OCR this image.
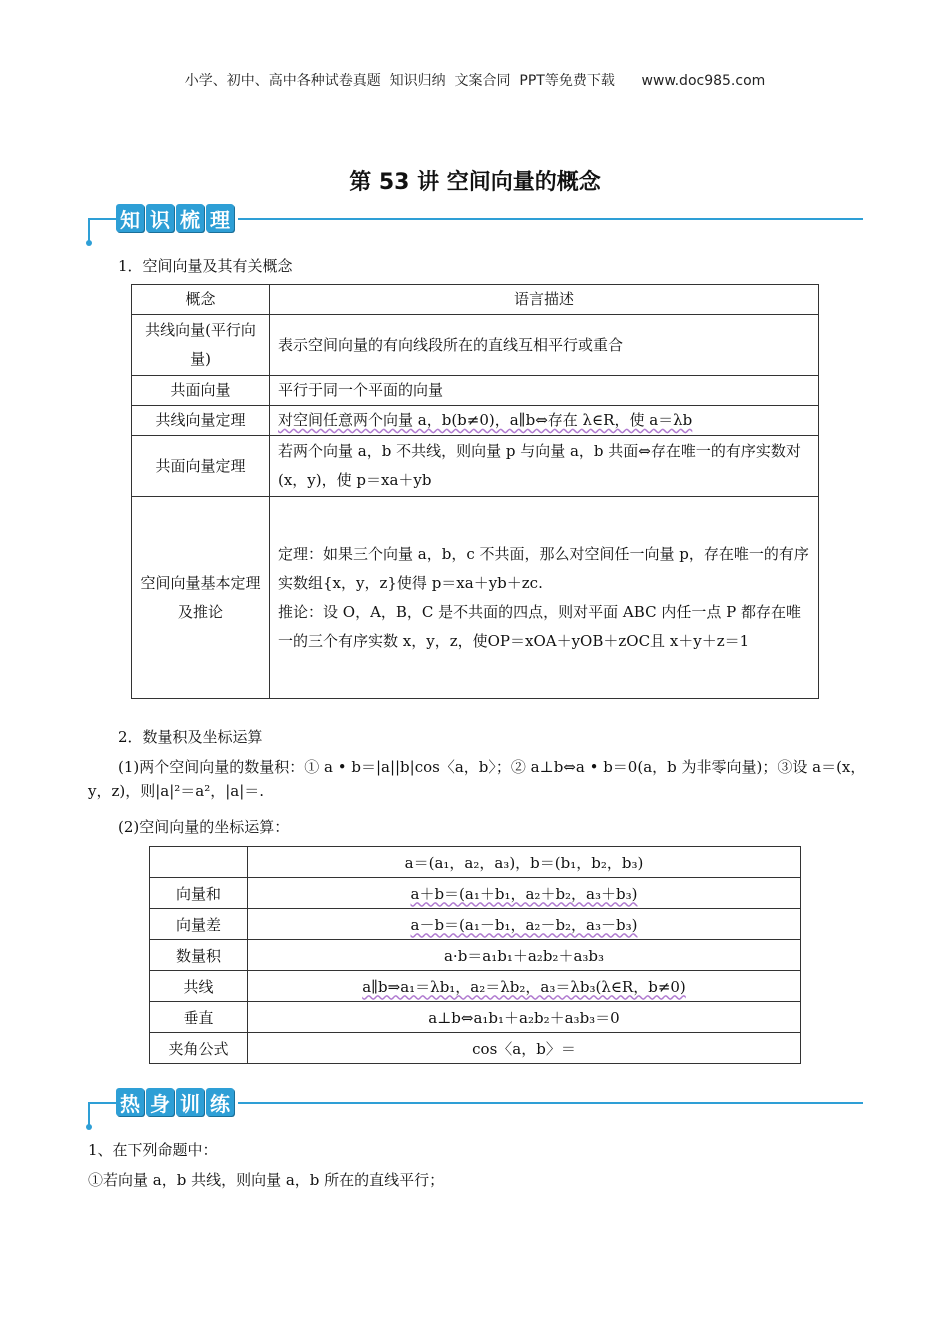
小学、初中、高中各种试卷真题  知识归纳  文案合同  PPT等免费下载      www.doc985.com
第 53 讲 空间向量的概念
知 识 梳 理
1．空间向量及其有关概念
概念	语言描述
共线向量(平行向量)	表示空间向量的有向线段所在的直线互相平行或重合
共面向量	平行于同一个平面的向量
共线向量定理	对空间任意两个向量 a，b(b≠0)，a∥b⇔存在 λ∈R，使 a＝λb
共面向量定理	若两个向量 a，b 不共线，则向量 p 与向量 a，b 共面⇔存在唯一的有序实数对(x，y)，使 p＝xa＋yb
空间向量基本定理及推论	定理：如果三个向量 a，b，c 不共面，那么对空间任一向量 p，存在唯一的有序实数组{x，y，z}使得 p＝xa＋yb＋zc.
推论：设 O，A，B，C 是不共面的四点，则对平面 ABC 内任一点 P 都存在唯一的三个有序实数 x，y，z，使OP＝xOA＋yOB＋zOC且 x＋y＋z＝1
2．数量积及坐标运算
(1)两个空间向量的数量积：① a • b＝|a||b|cos〈a，b〉；② a⊥b⇔a • b＝0(a，b 为非零向量)；③设 a＝(x，y，z)，则|a|²＝a²，|a|＝.
(2)空间向量的坐标运算：
	a＝(a₁，a₂，a₃)，b＝(b₁，b₂，b₃)
向量和	a＋b＝(a₁＋b₁，a₂＋b₂，a₃＋b₃)
向量差	a－b＝(a₁－b₁，a₂－b₂，a₃－b₃)
数量积	a·b＝a₁b₁＋a₂b₂＋a₃b₃
共线	a∥b⇒a₁＝λb₁，a₂＝λb₂，a₃＝λb₃(λ∈R，b≠0)
垂直	a⊥b⇔a₁b₁＋a₂b₂＋a₃b₃＝0
夹角公式	cos〈a，b〉＝
热 身 训 练
1、在下列命题中：
①若向量 a，b 共线，则向量 a，b 所在的直线平行；
